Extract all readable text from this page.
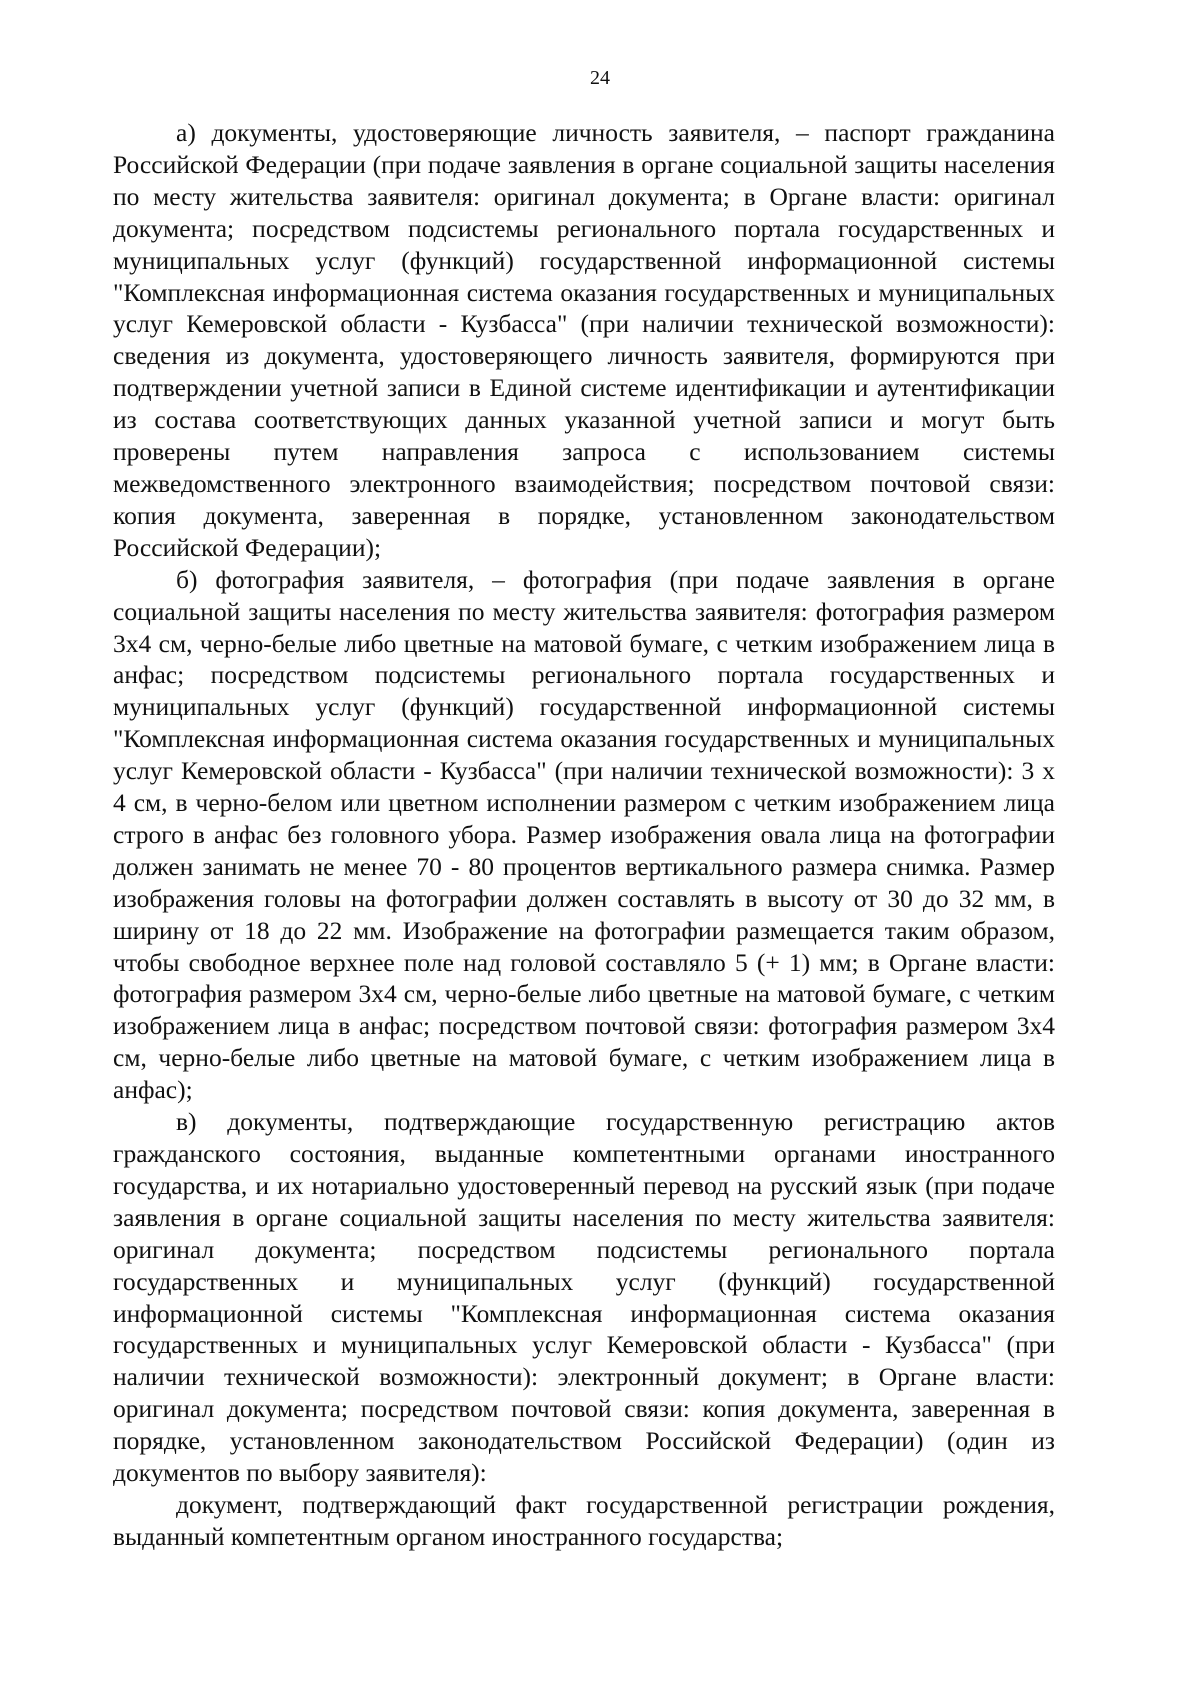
24

а) документы, удостоверяющие личность заявителя, – паспорт гражданина Российской Федерации (при подаче заявления в органе социальной защиты населения по месту жительства заявителя: оригинал документа; в Органе власти: оригинал документа; посредством подсистемы регионального портала государственных и муниципальных услуг (функций) государственной информационной системы "Комплексная информационная система оказания государственных и муниципальных услуг Кемеровской области - Кузбасса" (при наличии технической возможности): сведения из документа, удостоверяющего личность заявителя, формируются при подтверждении учетной записи в Единой системе идентификации и аутентификации из состава соответствующих данных указанной учетной записи и могут быть проверены путем направления запроса с использованием системы межведомственного электронного взаимодействия; посредством почтовой связи: копия документа, заверенная в порядке, установленном законодательством Российской Федерации);

б) фотография заявителя, – фотография (при подаче заявления в органе социальной защиты населения по месту жительства заявителя: фотография размером 3х4 см, черно-белые либо цветные на матовой бумаге, с четким изображением лица в анфас; посредством подсистемы регионального портала государственных и муниципальных услуг (функций) государственной информационной системы "Комплексная информационная система оказания государственных и муниципальных услуг Кемеровской области - Кузбасса" (при наличии технической возможности): 3 х 4 см, в черно-белом или цветном исполнении размером с четким изображением лица строго в анфас без головного убора. Размер изображения овала лица на фотографии должен занимать не менее 70 - 80 процентов вертикального размера снимка. Размер изображения головы на фотографии должен составлять в высоту от 30 до 32 мм, в ширину от 18 до 22 мм. Изображение на фотографии размещается таким образом, чтобы свободное верхнее поле над головой составляло 5 (+ 1) мм; в Органе власти: фотография размером 3х4 см, черно-белые либо цветные на матовой бумаге, с четким изображением лица в анфас; посредством почтовой связи: фотография размером 3х4 см, черно-белые либо цветные на матовой бумаге, с четким изображением лица в анфас);

в) документы, подтверждающие государственную регистрацию актов гражданского состояния, выданные компетентными органами иностранного государства, и их нотариально удостоверенный перевод на русский язык (при подаче заявления в органе социальной защиты населения по месту жительства заявителя: оригинал документа; посредством подсистемы регионального портала государственных и муниципальных услуг (функций) государственной информационной системы "Комплексная информационная система оказания государственных и муниципальных услуг Кемеровской области - Кузбасса" (при наличии технической возможности): электронный документ; в Органе власти: оригинал документа; посредством почтовой связи: копия документа, заверенная в порядке, установленном законодательством Российской Федерации) (один из документов по выбору заявителя):

документ, подтверждающий факт государственной регистрации рождения, выданный компетентным органом иностранного государства;
